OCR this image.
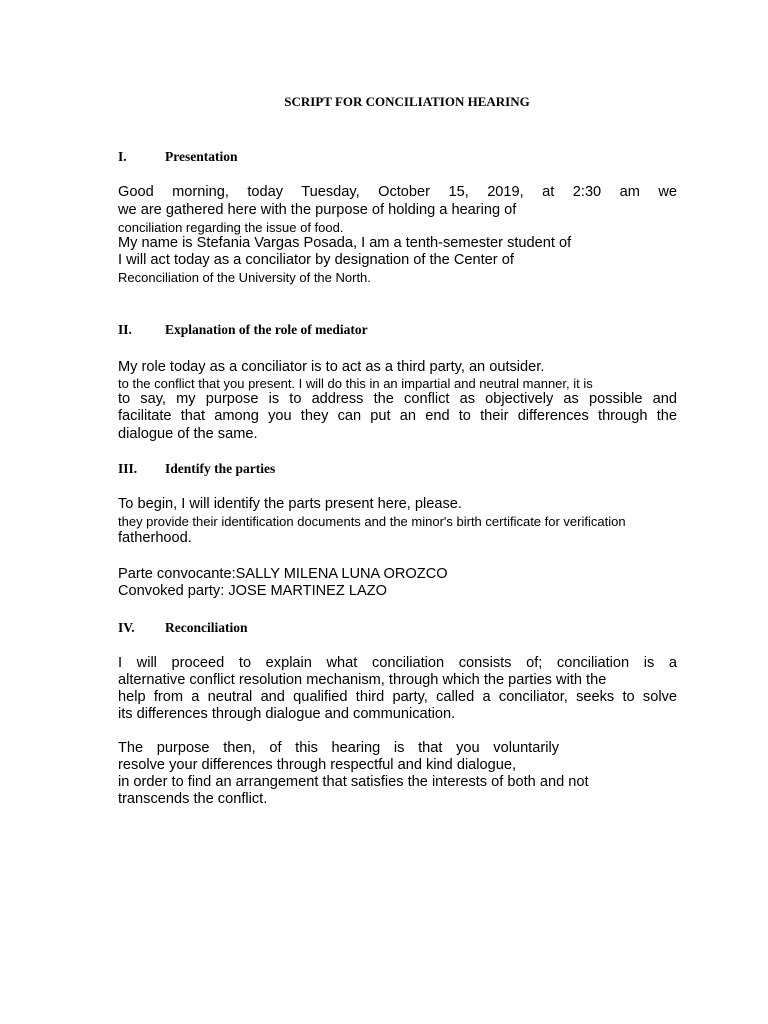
SCRIPT FOR CONCILIATION HEARING
I.	Presentation
Good morning, today Tuesday, October 15, 2019, at 2:30 am we
we are gathered here with the purpose of holding a hearing of
conciliation regarding the issue of food.
My name is Stefania Vargas Posada, I am a tenth-semester student of
I will act today as a conciliator by designation of the Center of
Reconciliation of the University of the North.
II. Explanation of the role of mediator
My role today as a conciliator is to act as a third party, an outsider.
to the conflict that you present. I will do this in an impartial and neutral manner, it is
to say, my purpose is to address the conflict as objectively as possible and
facilitate that among you they can put an end to their differences through the
dialogue of the same.
III. Identify the parties
To begin, I will identify the parts present here, please.
they provide their identification documents and the minor's birth certificate for verification
fatherhood.
Parte convocante:SALLY MILENA LUNA OROZCO
Convoked party: JOSE MARTINEZ LAZO
IV. Reconciliation
I will proceed to explain what conciliation consists of; conciliation is a
alternative conflict resolution mechanism, through which the parties with the
help from a neutral and qualified third party, called a conciliator, seeks to solve
its differences through dialogue and communication.
The purpose then, of this hearing is that you voluntarily
resolve your differences through respectful and kind dialogue,
in order to find an arrangement that satisfies the interests of both and not
transcends the conflict.
